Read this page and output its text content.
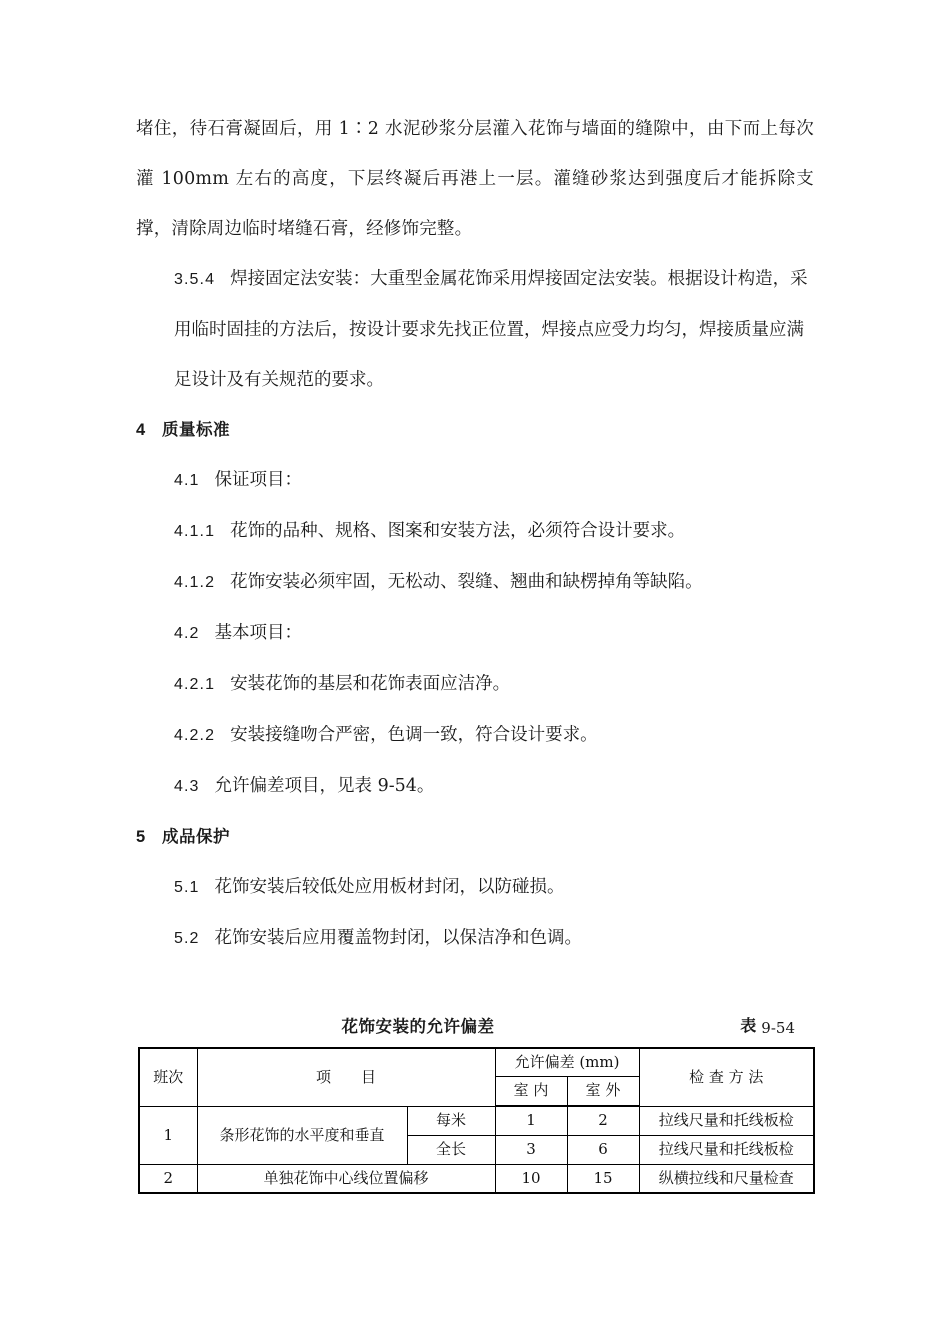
堵住，待石膏凝固后，用 1∶2 水泥砂浆分层灌入花饰与墙面的缝隙中，由下而上每次灌 100mm 左右的高度，下层终凝后再港上一层。灌缝砂浆达到强度后才能拆除支撑，清除周边临时堵缝石膏，经修饰完整。

3.5.4 焊接固定法安装：大重型金属花饰采用焊接固定法安装。根据设计构造，采用临时固挂的方法后，按设计要求先找正位置，焊接点应受力均匀，焊接质量应满足设计及有关规范的要求。

4 质量标准

4.1 保证项目：

4.1.1 花饰的品种、规格、图案和安装方法，必须符合设计要求。

4.1.2 花饰安装必须牢固，无松动、裂缝、翘曲和缺楞掉角等缺陷。

4.2 基本项目：

4.2.1 安装花饰的基层和花饰表面应洁净。

4.2.2 安装接缝吻合严密，色调一致，符合设计要求。

4.3 允许偏差项目，见表 9-54。

5 成品保护

5.1 花饰安装后较低处应用板材封闭，以防碰损。

5.2 花饰安装后应用覆盖物封闭，以保洁净和色调。

花饰安装的允许偏差	表 9-54
班次	项　　目		允许偏差 (mm)		检 查 方 法
			室 内	室 外	
1	条形花饰的水平度和垂直	每米	1	2	拉线尺量和托线板检
		全长	3	6	拉线尺量和托线板检
2	单独花饰中心线位置偏移		10	15	纵横拉线和尺量检查
